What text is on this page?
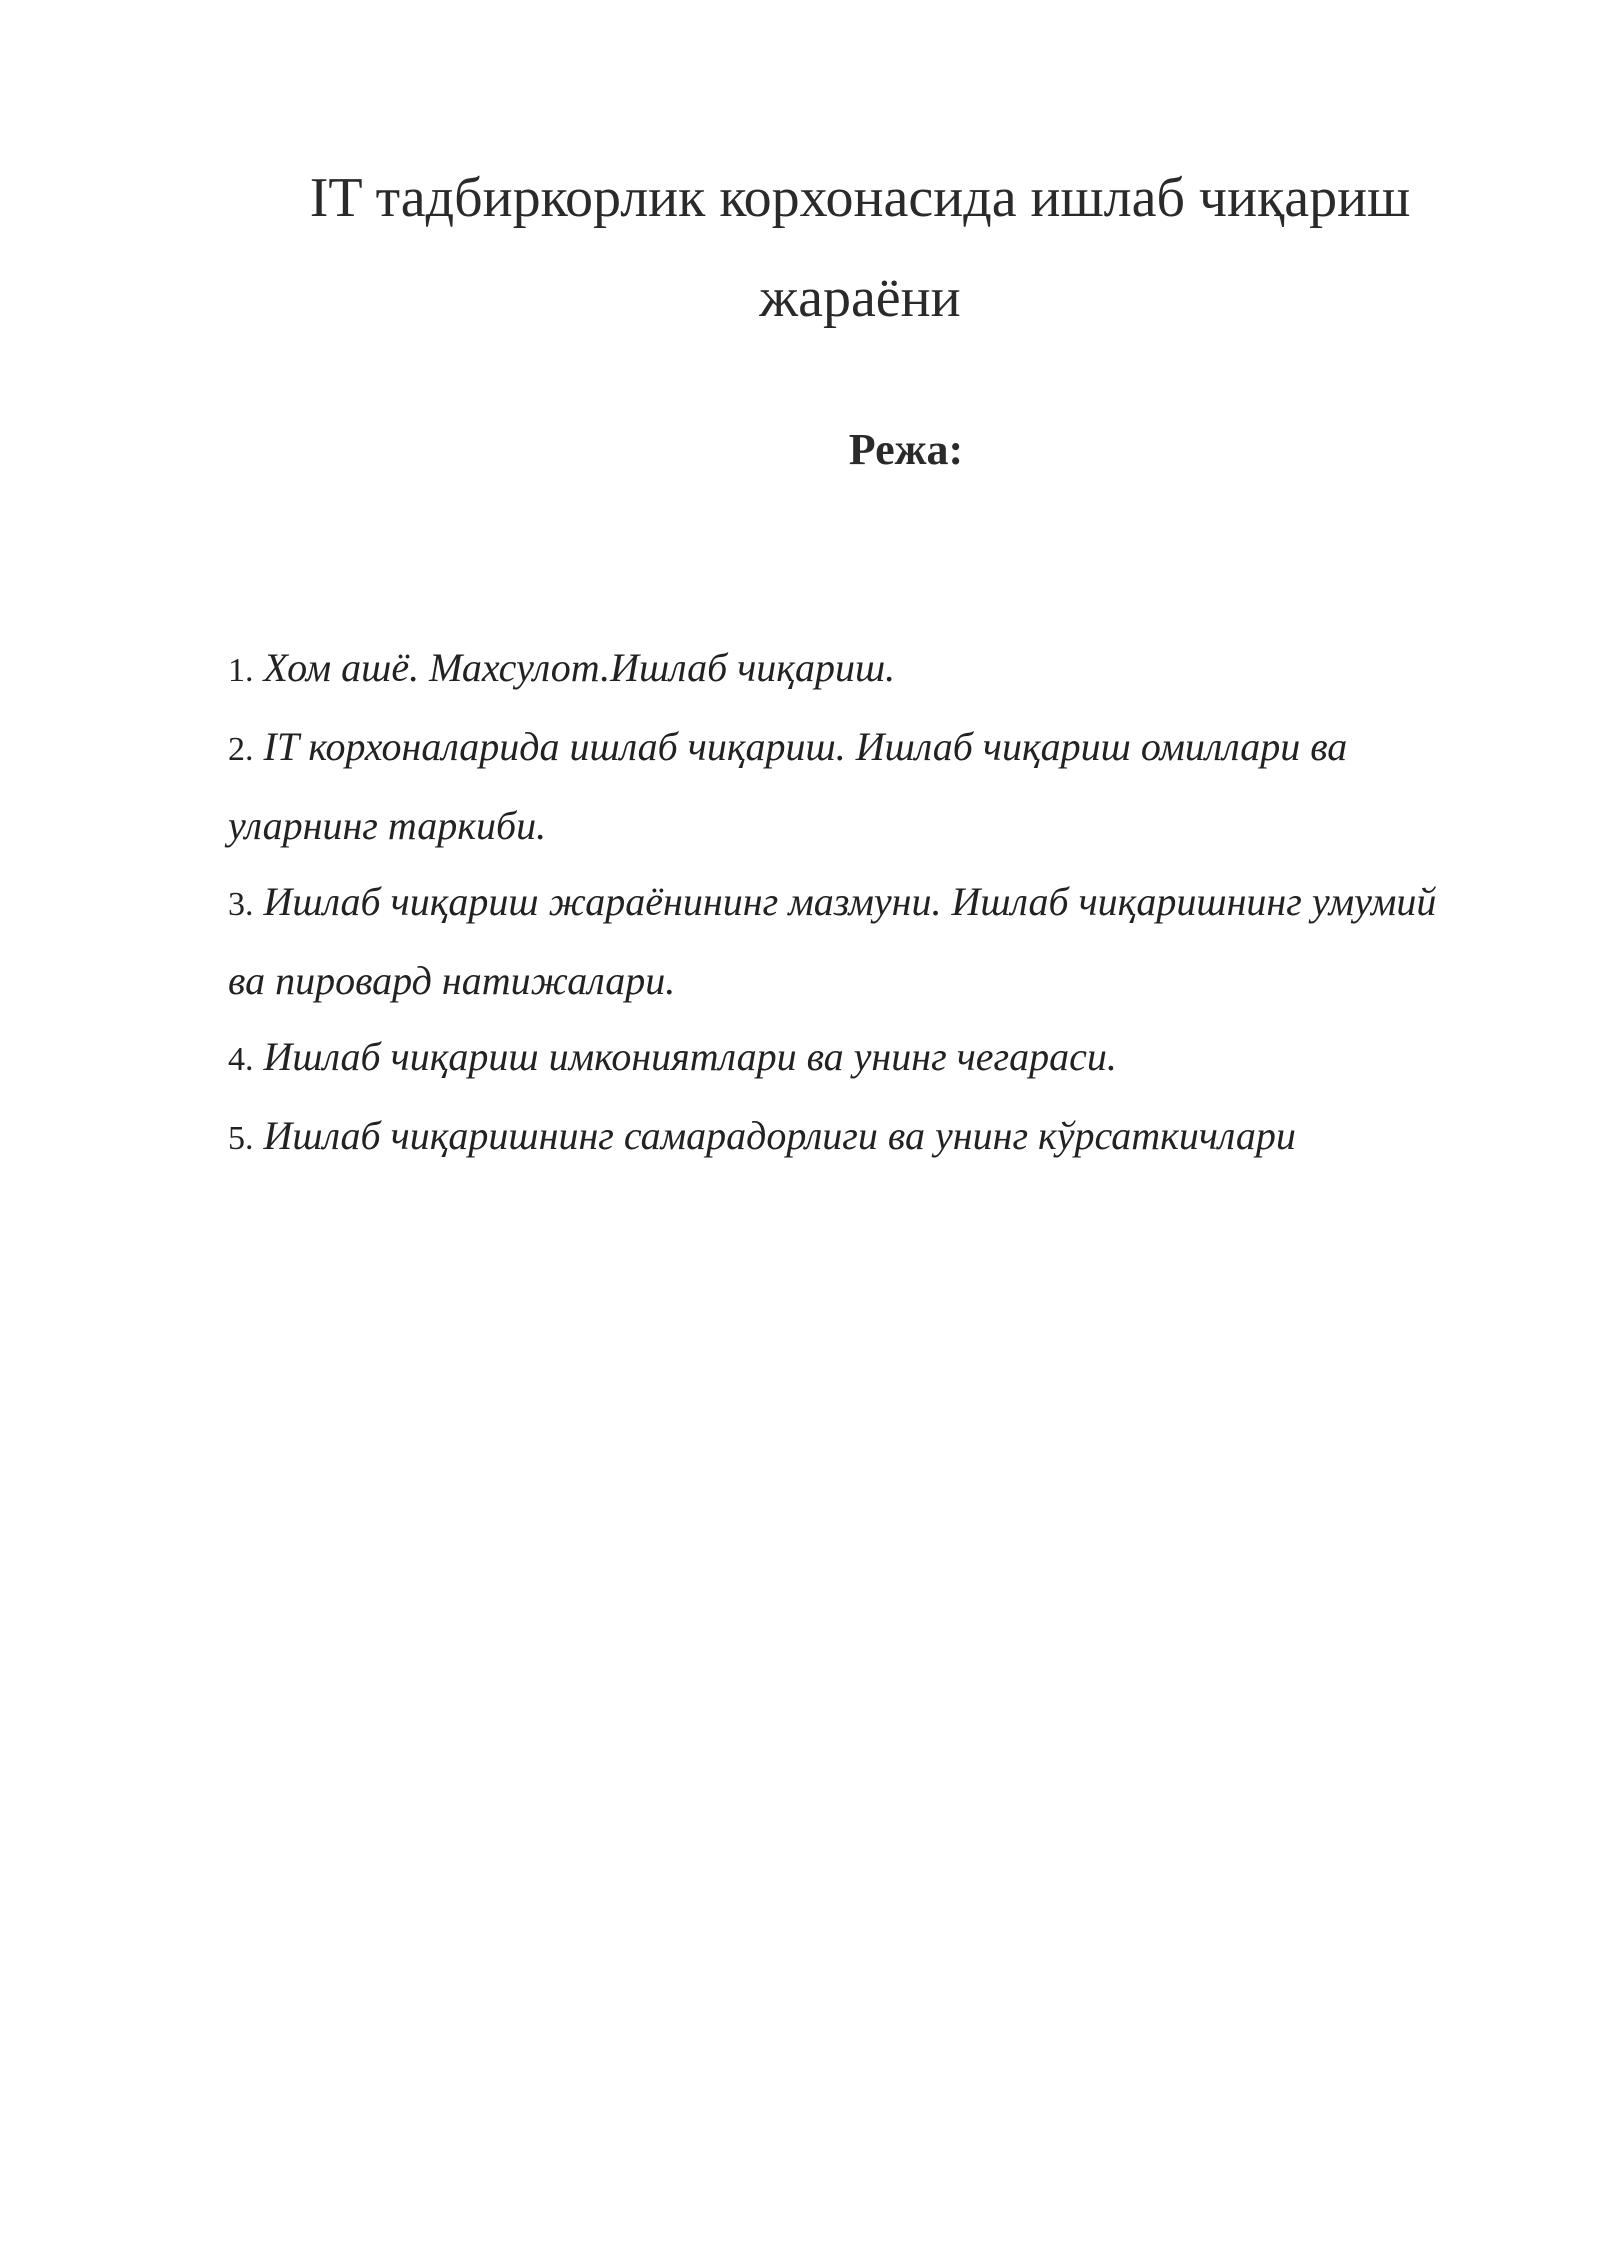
IT тадбиркорлик корхонасида ишлаб чиқариш
жараёни
Режа:
1. Хом ашё. Махсулот.Ишлаб чиқариш.
2. IT корхоналарида ишлаб чиқариш. Ишлаб чиқариш омиллари ва уларнинг таркиби.
3. Ишлаб чиқариш жараёнининг мазмуни. Ишлаб чиқаришнинг умумий ва пировард натижалари.
4. Ишлаб чиқариш имкониятлари ва унинг чегараси.
5. Ишлаб чиқаришнинг самарадорлиги ва унинг кўрсаткичлари
